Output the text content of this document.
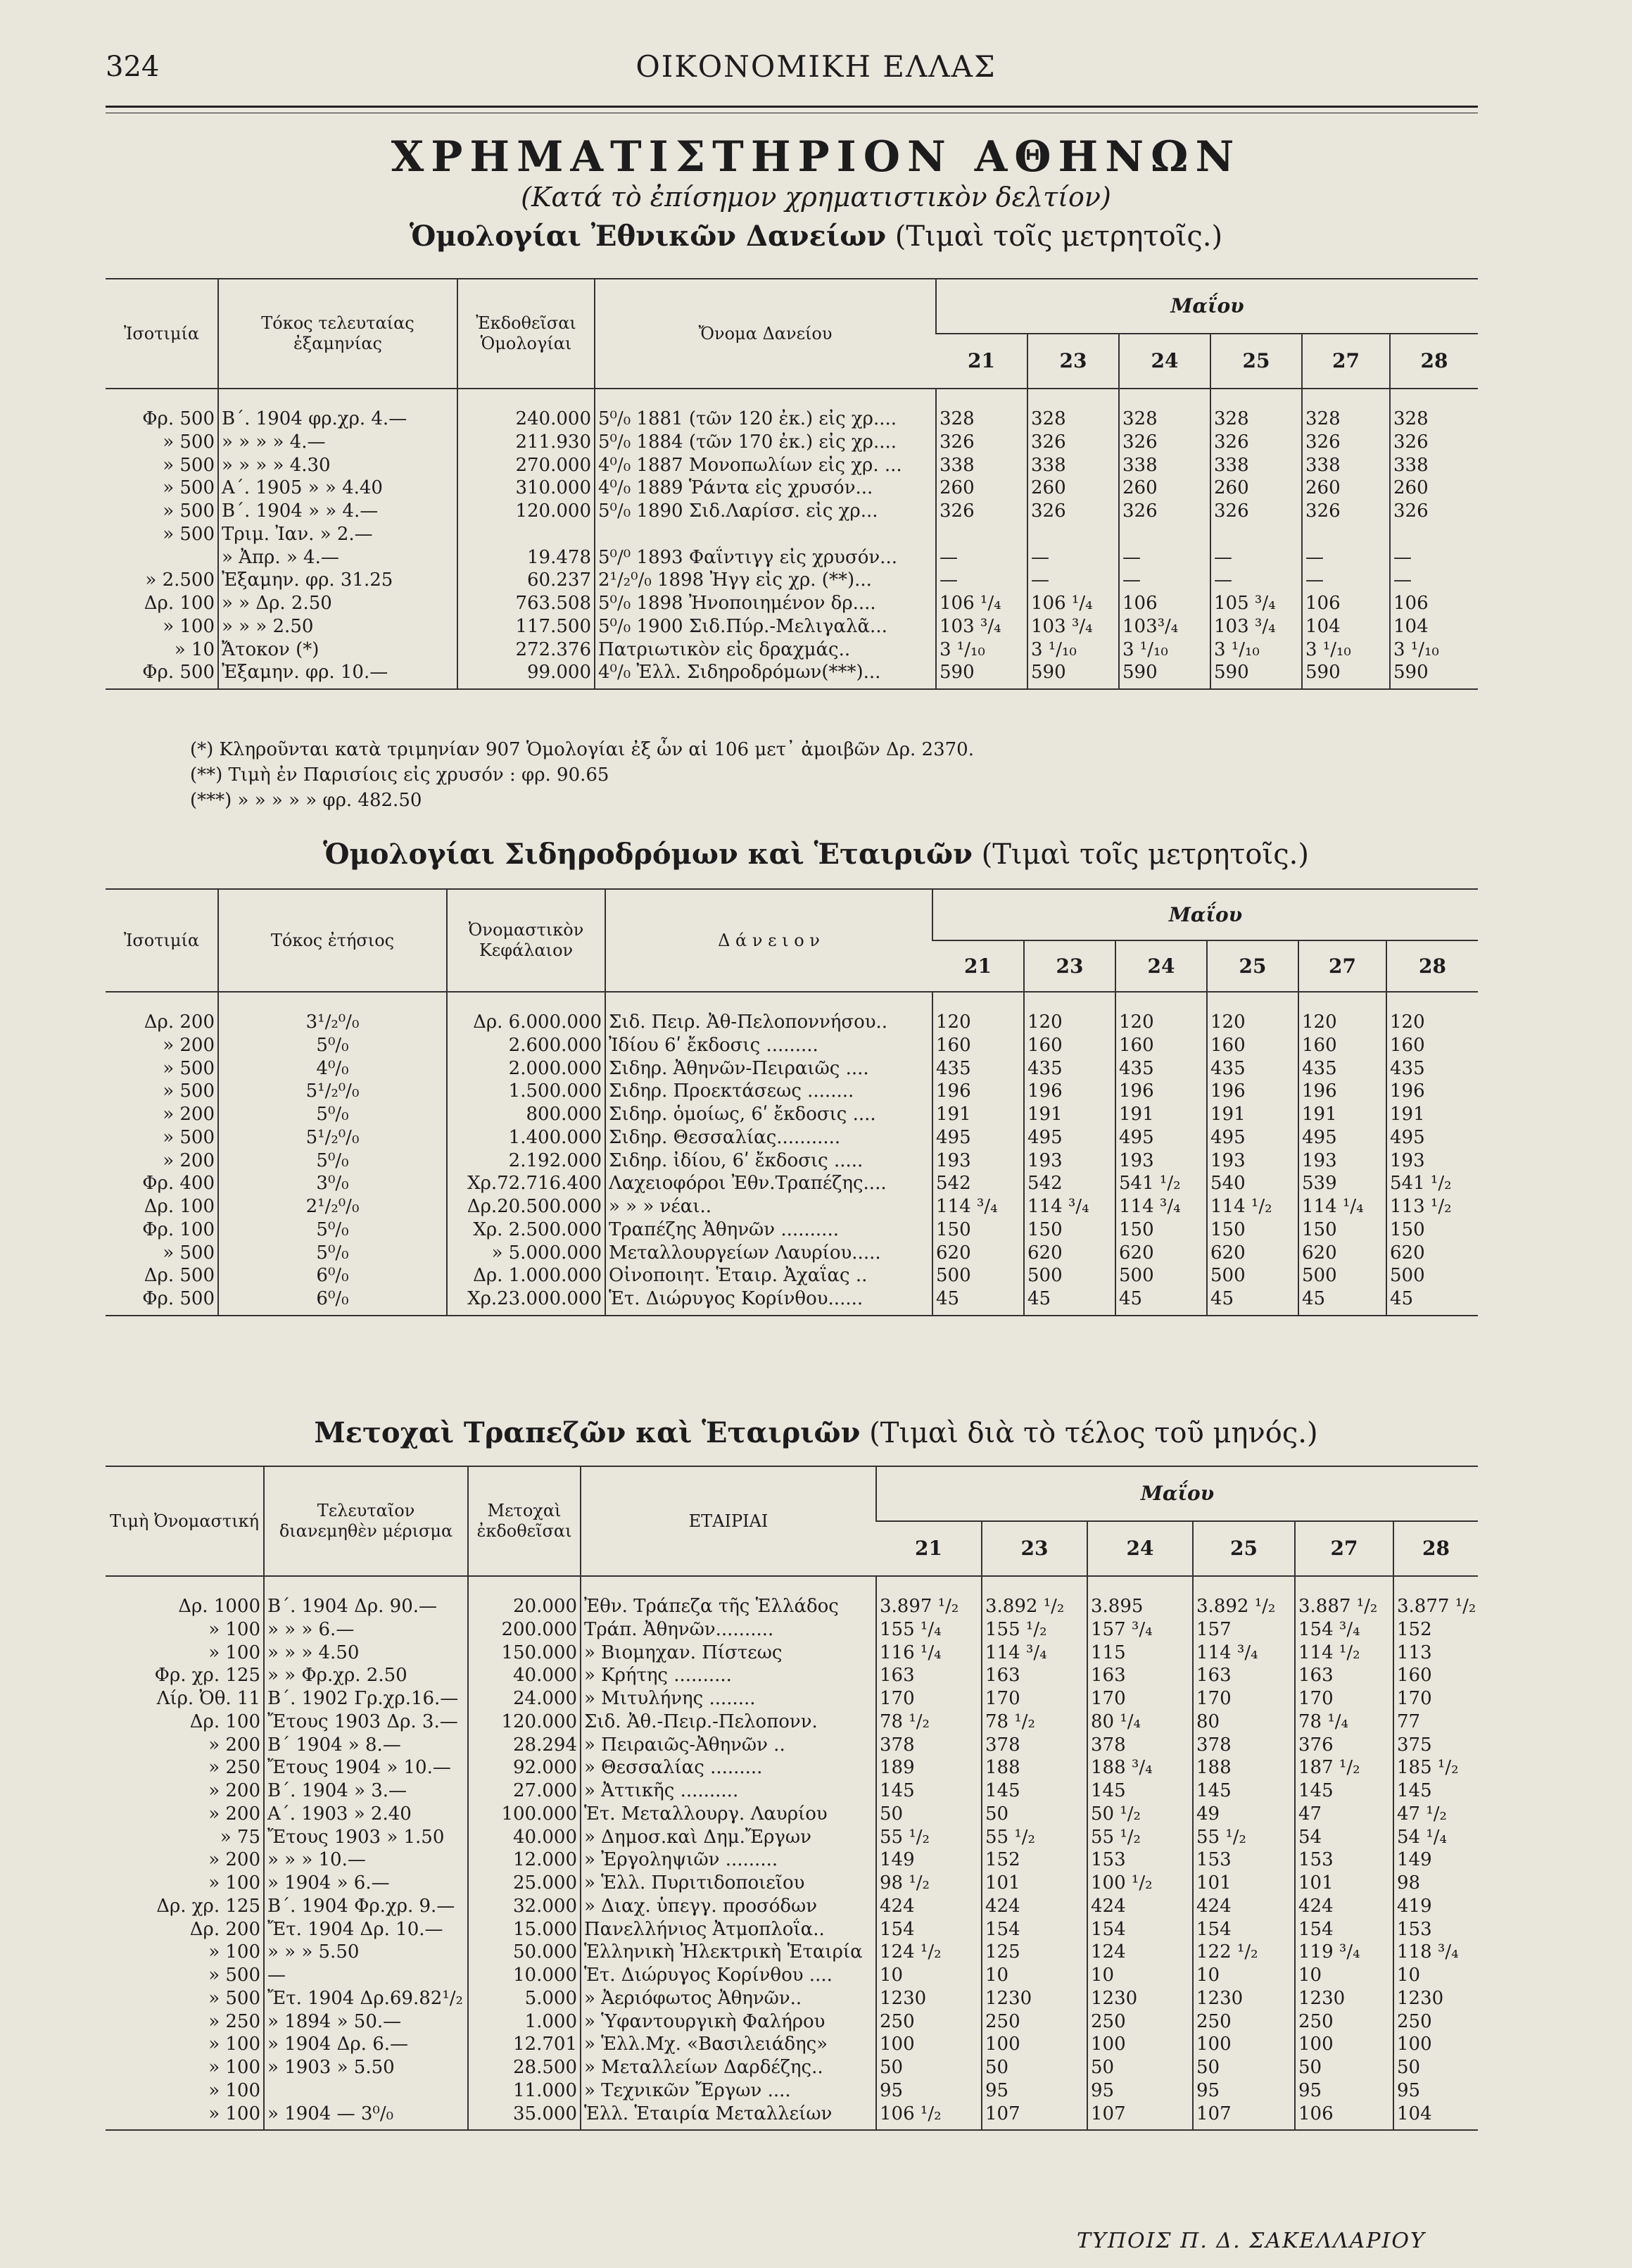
324	ΟΙΚΟΝΟΜΙΚΗ ΕΛΛΑΣ
ΧΡΗΜΑΤΙΣΤΗΡΙΟΝ ΑΘΗΝΩΝ
(Κατά τὸ ἐπίσημον χρηματιστικὸν δελτίον)
Ὁμολογίαι Ἐθνικῶν Δανείων (Τιμαὶ τοῖς μετρητοῖς.)
Ἰσοτιμία	Τόκος τελευταίας ἐξαμηνίας	Ἐκδοθεῖσαι Ὁμολογίαι	Ὄνομα Δανείου	Μαΐου					
				21	23	24	25	27	28
Φρ. 500	Β΄. 1904 φρ.χρ. 4.—	240.000	5⁰/₀ 1881 (τῶν 120 ἐκ.) εἰς χρ....	328	328	328	328	328	328
» 500	» » » » 4.—	211.930	5⁰/₀ 1884 (τῶν 170 ἐκ.) εἰς χρ....	326	326	326	326	326	326
» 500	» » » » 4.30	270.000	4⁰/₀ 1887 Μονοπωλίων εἰς χρ. ...	338	338	338	338	338	338
» 500	Α΄. 1905 » » 4.40	310.000	4⁰/₀ 1889 Ῥάντα εἰς χρυσόν...	260	260	260	260	260	260
» 500	Β΄. 1904 » » 4.—	120.000	5⁰/₀ 1890 Σιδ.Λαρίσσ. εἰς χρ...	326	326	326	326	326	326
» 500	Τριμ. Ἰαν. » 2.—								
	» Ἀπρ. » 4.—	19.478	5⁰/⁰ 1893 Φαΐντιγγ εἰς χρυσόν...	—	—	—	—	—	—
» 2.500	Ἐξαμην. φρ. 31.25	60.237	2¹/₂⁰/₀ 1898 Ἠγγ εἰς χρ. (**)...	—	—	—	—	—	—
Δρ. 100	» » Δρ. 2.50	763.508	5⁰/₀ 1898 Ἠνοποιημένον δρ....	106 ¹/₄	106 ¹/₄	106	105 ³/₄	106	106
» 100	» » » 2.50	117.500	5⁰/₀ 1900 Σιδ.Πύρ.-Μελιγαλᾶ...	103 ³/₄	103 ³/₄	103³/₄	103 ³/₄	104	104
» 10	Ἄτοκον (*)	272.376	Πατριωτικὸν εἰς δραχμάς..	3 ¹/₁₀	3 ¹/₁₀	3 ¹/₁₀	3 ¹/₁₀	3 ¹/₁₀	3 ¹/₁₀
Φρ. 500	Ἐξαμην. φρ. 10.—	99.000	4⁰/₀ Ἐλλ. Σιδηροδρόμων(***)...	590	590	590	590	590	590
(*) Κληροῦνται κατὰ τριμηνίαν 907 Ὁμολογίαι ἐξ ὧν αἱ 106 μετ᾽ ἀμοιβῶν Δρ. 2370.
(**) Τιμὴ ἐν Παρισίοις εἰς χρυσόν : φρ. 90.65
(***) » » » » » φρ. 482.50
Ὁμολογίαι Σιδηροδρόμων καὶ Ἑταιριῶν (Τιμαὶ τοῖς μετρητοῖς.)
Ἰσοτιμία	Τόκος ἐτήσιος	Ὀνομαστικὸν Κεφάλαιον	Δ ά ν ε ι ο ν	Μαΐου					
				21	23	24	25	27	28
Δρ. 200	3¹/₂⁰/₀	Δρ. 6.000.000	Σιδ. Πειρ. Ἀθ-Πελοποννήσου..	120	120	120	120	120	120
» 200	5⁰/₀	2.600.000	Ἰδίου 6ʹ ἔκδοσις .........	160	160	160	160	160	160
» 500	4⁰/₀	2.000.000	Σιδηρ. Ἀθηνῶν-Πειραιῶς ....	435	435	435	435	435	435
» 500	5¹/₂⁰/₀	1.500.000	Σιδηρ. Προεκτάσεως ........	196	196	196	196	196	196
» 200	5⁰/₀	800.000	Σιδηρ. ὁμοίως, 6ʹ ἔκδοσις ....	191	191	191	191	191	191
» 500	5¹/₂⁰/₀	1.400.000	Σιδηρ. Θεσσαλίας...........	495	495	495	495	495	495
» 200	5⁰/₀	2.192.000	Σιδηρ. ἰδίου, 6ʹ ἔκδοσις .....	193	193	193	193	193	193
Φρ. 400	3⁰/₀	Χρ.72.716.400	Λαχειοφόροι Ἐθν.Τραπέζης....	542	542	541 ¹/₂	540	539	541 ¹/₂
Δρ. 100	2¹/₂⁰/₀	Δρ.20.500.000	» » » νέαι..	114 ³/₄	114 ³/₄	114 ³/₄	114 ¹/₂	114 ¹/₄	113 ¹/₂
Φρ. 100	5⁰/₀	Χρ. 2.500.000	Τραπέζης Ἀθηνῶν ..........	150	150	150	150	150	150
» 500	5⁰/₀	» 5.000.000	Μεταλλουργείων Λαυρίου.....	620	620	620	620	620	620
Δρ. 500	6⁰/₀	Δρ. 1.000.000	Οἰνοποιητ. Ἑταιρ. Ἀχαΐας ..	500	500	500	500	500	500
Φρ. 500	6⁰/₀	Χρ.23.000.000	Ἑτ. Διώρυγος Κορίνθου......	45	45	45	45	45	45
Μετοχαὶ Τραπεζῶν καὶ Ἑταιριῶν (Τιμαὶ διὰ τὸ τέλος τοῦ μηνός.)
Τιμὴ Ὀνομαστική	Τελευταῖον διανεμηθὲν μέρισμα	Μετοχαὶ ἐκδοθεῖσαι	ΕΤΑΙΡΙΑΙ	Μαΐου					
				21	23	24	25	27	28
Δρ. 1000	Β΄. 1904 Δρ. 90.—	20.000	Ἐθν. Τράπεζα τῆς Ἑλλάδος	3.897 ¹/₂	3.892 ¹/₂	3.895	3.892 ¹/₂	3.887 ¹/₂	3.877 ¹/₂
» 100	» » » 6.—	200.000	Τράπ. Ἀθηνῶν..........	155 ¹/₄	155 ¹/₂	157 ³/₄	157	154 ³/₄	152
» 100	» » » 4.50	150.000	» Βιομηχαν. Πίστεως	116 ¹/₄	114 ³/₄	115	114 ³/₄	114 ¹/₂	113
Φρ. χρ. 125	» » Φρ.χρ. 2.50	40.000	» Κρήτης ..........	163	163	163	163	163	160
Λίρ. Ὀθ. 11	Β΄. 1902 Γρ.χρ.16.—	24.000	» Μιτυλήνης ........	170	170	170	170	170	170
Δρ. 100	Ἔτους 1903 Δρ. 3.—	120.000	Σιδ. Ἀθ.-Πειρ.-Πελοπονν.	78 ¹/₂	78 ¹/₂	80 ¹/₄	80	78 ¹/₄	77
» 200	Β΄ 1904 » 8.—	28.294	» Πειραιῶς-Ἀθηνῶν ..	378	378	378	378	376	375
» 250	Ἔτους 1904 » 10.—	92.000	» Θεσσαλίας .........	189	188	188 ³/₄	188	187 ¹/₂	185 ¹/₂
» 200	Β΄. 1904 » 3.—	27.000	» Ἀττικῆς ..........	145	145	145	145	145	145
» 200	Α΄. 1903 » 2.40	100.000	Ἑτ. Μεταλλουργ. Λαυρίου	50	50	50 ¹/₂	49	47	47 ¹/₂
» 75	Ἔτους 1903 » 1.50	40.000	» Δημοσ.καὶ Δημ.Ἔργων	55 ¹/₂	55 ¹/₂	55 ¹/₂	55 ¹/₂	54	54 ¹/₄
» 200	» » » 10.—	12.000	» Ἐργοληψιῶν .........	149	152	153	153	153	149
» 100	» 1904 » 6.—	25.000	» Ἑλλ. Πυριτιδοποιεῖου	98 ¹/₂	101	100 ¹/₂	101	101	98
Δρ. χρ. 125	Β΄. 1904 Φρ.χρ. 9.—	32.000	» Διαχ. ὑπεγγ. προσόδων	424	424	424	424	424	419
Δρ. 200	Ἔτ. 1904 Δρ. 10.—	15.000	Πανελλήνιος Ἀτμοπλοΐα..	154	154	154	154	154	153
» 100	» » » 5.50	50.000	Ἑλληνικὴ Ἠλεκτρικὴ Ἑταιρία	124 ¹/₂	125	124	122 ¹/₂	119 ³/₄	118 ³/₄
» 500	—	10.000	Ἑτ. Διώρυγος Κορίνθου ....	10	10	10	10	10	10
» 500	Ἔτ. 1904 Δρ.69.82¹/₂	5.000	» Ἀεριόφωτος Ἀθηνῶν..	1230	1230	1230	1230	1230	1230
» 250	» 1894 » 50.—	1.000	» Ὑφαντουργικὴ Φαλήρου	250	250	250	250	250	250
» 100	» 1904 Δρ. 6.—	12.701	» Ἑλλ.Μχ. «Βασιλειάδης»	100	100	100	100	100	100
» 100	» 1903 » 5.50	28.500	» Μεταλλείων Δαρδέζης..	50	50	50	50	50	50
» 100		11.000	» Τεχνικῶν Ἔργων ....	95	95	95	95	95	95
» 100	» 1904 — 3⁰/₀	35.000	Ἑλλ. Ἑταιρία Μεταλλείων	106 ¹/₂	107	107	107	106	104
ΤΥΠΟΙΣ Π. Δ. ΣΑΚΕΛΛΑΡΙΟΥ
